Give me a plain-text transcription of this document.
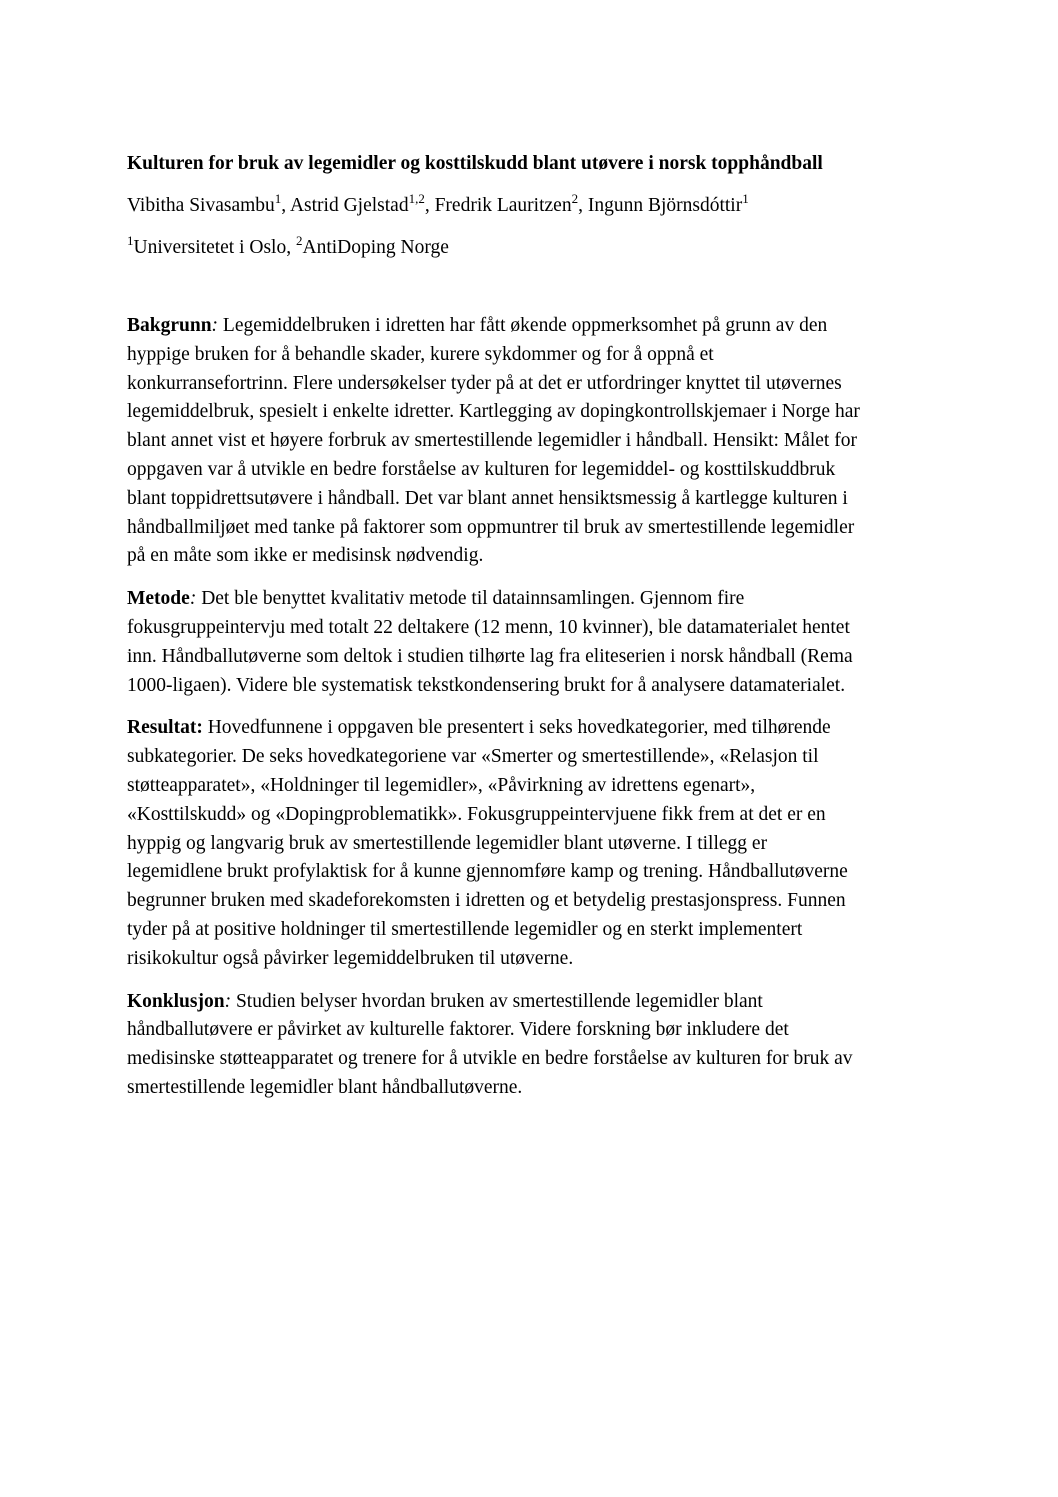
Kulturen for bruk av legemidler og kosttilskudd blant utøvere i norsk topphåndball

Vibitha Sivasambu$^1$, Astrid Gjelstad$^{1,2}$, Fredrik Lauritzen$^2$, Ingunn Björnsdóttir$^1$

$^1$Universitetet i Oslo, $^2$AntiDoping Norge

Bakgrunn: Legemiddelbruken i idretten har fått økende oppmerksomhet på grunn av den
hyppige bruken for å behandle skader, kurere sykdommer og for å oppnå et
konkurransefortrinn. Flere undersøkelser tyder på at det er utfordringer knyttet til utøvernes
legemiddelbruk, spesielt i enkelte idretter. Kartlegging av dopingkontrollskjemaer i Norge har
blant annet vist et høyere forbruk av smertestillende legemidler i håndball. Hensikt: Målet for
oppgaven var å utvikle en bedre forståelse av kulturen for legemiddel- og kosttilskuddbruk
blant toppidrettsutøvere i håndball. Det var blant annet hensiktsmessig å kartlegge kulturen i
håndballmiljøet med tanke på faktorer som oppmuntrer til bruk av smertestillende legemidler
på en måte som ikke er medisinsk nødvendig.

Metode: Det ble benyttet kvalitativ metode til datainnsamlingen. Gjennom fire
fokusgruppeintervju med totalt 22 deltakere (12 menn, 10 kvinner), ble datamaterialet hentet
inn. Håndballutøverne som deltok i studien tilhørte lag fra eliteserien i norsk håndball (Rema
1000-ligaen). Videre ble systematisk tekstkondensering brukt for å analysere datamaterialet.

Resultat: Hovedfunnene i oppgaven ble presentert i seks hovedkategorier, med tilhørende
subkategorier. De seks hovedkategoriene var «Smerter og smertestillende», «Relasjon til
støtteapparatet», «Holdninger til legemidler», «Påvirkning av idrettens egenart»,
«Kosttilskudd» og «Dopingproblematikk». Fokusgruppeintervjuene fikk frem at det er en
hyppig og langvarig bruk av smertestillende legemidler blant utøverne. I tillegg er
legemidlene brukt profylaktisk for å kunne gjennomføre kamp og trening. Håndballutøverne
begrunner bruken med skadeforekomsten i idretten og et betydelig prestasjonspress. Funnen
tyder på at positive holdninger til smertestillende legemidler og en sterkt implementert
risikokultur også påvirker legemiddelbruken til utøverne.

Konklusjon: Studien belyser hvordan bruken av smertestillende legemidler blant
håndballutøvere er påvirket av kulturelle faktorer. Videre forskning bør inkludere det
medisinske støtteapparatet og trenere for å utvikle en bedre forståelse av kulturen for bruk av
smertestillende legemidler blant håndballutøverne.
